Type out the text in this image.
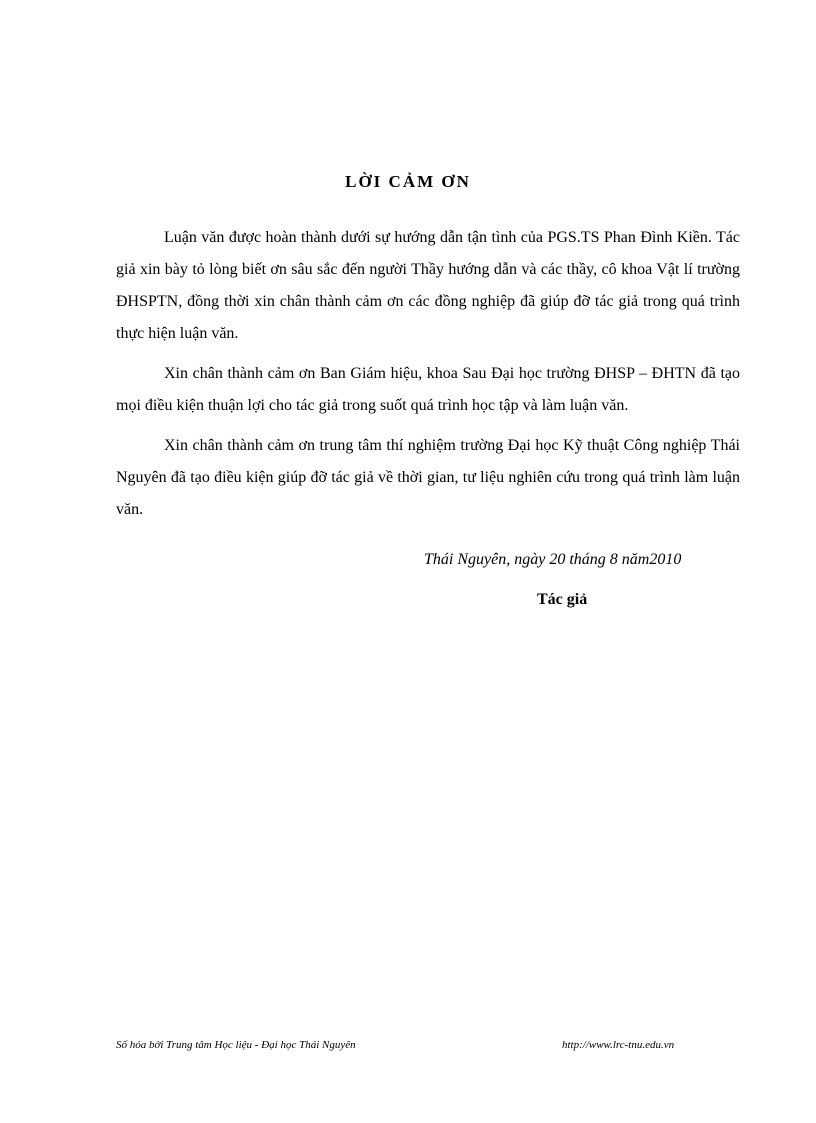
LỜI CẢM ƠN

Luận văn được hoàn thành dưới sự hướng dẫn tận tình của PGS.TS Phan Đình Kiền. Tác giả xin bày tỏ lòng biết ơn sâu sắc đến người Thầy hướng dẫn và các thầy, cô khoa Vật lí trường ĐHSPTN, đồng thời xin chân thành cảm ơn các đồng nghiệp đã giúp đỡ tác giả trong quá trình thực hiện luận văn.

Xin chân thành cảm ơn Ban Giám hiệu, khoa Sau Đại học trường ĐHSP – ĐHTN đã tạo mọi điều kiện thuận lợi cho tác giả trong suốt quá trình học tập và làm luận văn.

Xin chân thành cảm ơn trung tâm thí nghiệm trường Đại học Kỹ thuật Công nghiệp Thái Nguyên đã tạo điều kiện giúp đỡ tác giả về thời gian, tư liệu nghiên cứu trong quá trình làm luận văn.

Thái Nguyên, ngày 20 tháng 8 năm2010

Tác giả

Số hóa bởi Trung tâm Học liệu - Đại học Thái Nguyên	http://www.lrc-tnu.edu.vn
